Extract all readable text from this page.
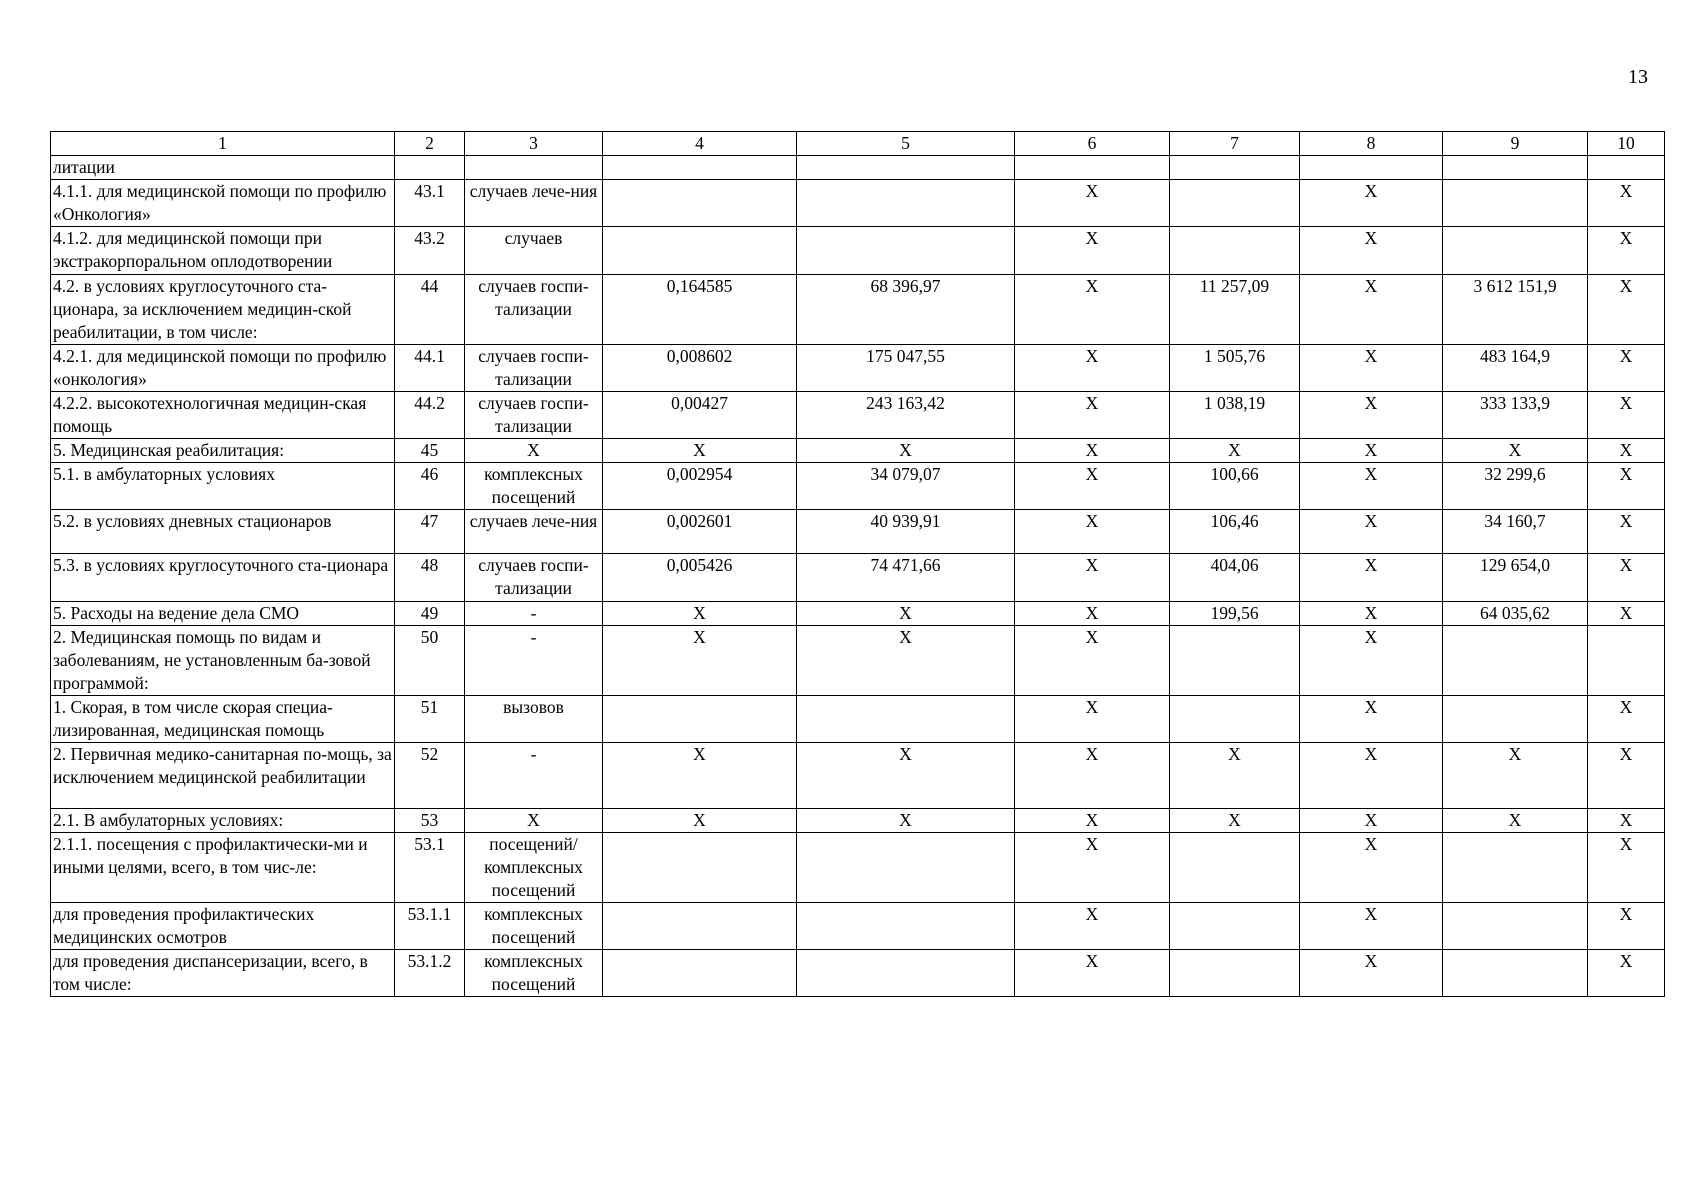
13
1	2	3	4	5	6	7	8	9	10
литации									
4.1.1. для медицинской помощи по профилю «Онкология»	43.1	случаев лече-ния			Х		Х		Х
4.1.2. для медицинской помощи при экстракорпоральном оплодотворении	43.2	случаев			Х		Х		Х
4.2. в условиях круглосуточного ста-ционара, за исключением медицин-ской реабилитации, в том числе:	44	случаев госпи-тализации	0,164585	68 396,97	Х	11 257,09	Х	3 612 151,9	Х
4.2.1. для медицинской помощи по профилю «онкология»	44.1	случаев госпи-тализации	0,008602	175 047,55	Х	1 505,76	Х	483 164,9	Х
4.2.2. высокотехнологичная медицин-ская помощь	44.2	случаев госпи-тализации	0,00427	243 163,42	Х	1 038,19	Х	333 133,9	Х
5. Медицинская реабилитация:	45	Х	Х	Х	Х	Х	Х	Х	Х
5.1. в амбулаторных условиях	46	комплексных посещений	0,002954	34 079,07	Х	100,66	Х	32 299,6	Х
5.2. в условиях дневных стационаров	47	случаев лече-ния	0,002601	40 939,91	Х	106,46	Х	34 160,7	Х
5.3. в условиях круглосуточного ста-ционара	48	случаев госпи-тализации	0,005426	74 471,66	Х	404,06	Х	129 654,0	Х
5. Расходы на ведение дела СМО	49	-	Х	Х	Х	199,56	Х	64 035,62	Х
2. Медицинская помощь по видам и заболеваниям, не установленным ба-зовой программой:	50	-	Х	Х	Х		Х		
1. Скорая, в том числе скорая специа-лизированная, медицинская помощь	51	вызовов			Х		Х		Х
2. Первичная медико-санитарная по-мощь, за исключением медицинской реабилитации	52	-	Х	Х	Х	Х	Х	Х	Х
2.1. В амбулаторных условиях:	53	Х	Х	Х	Х	Х	Х	Х	Х
2.1.1. посещения с профилактически-ми и иными целями, всего, в том чис-ле:	53.1	посещений/ комплексных посещений			Х		Х		Х
для проведения профилактических медицинских осмотров	53.1.1	комплексных посещений			Х		Х		Х
для проведения диспансеризации, всего, в том числе:	53.1.2	комплексных посещений			Х		Х		Х
